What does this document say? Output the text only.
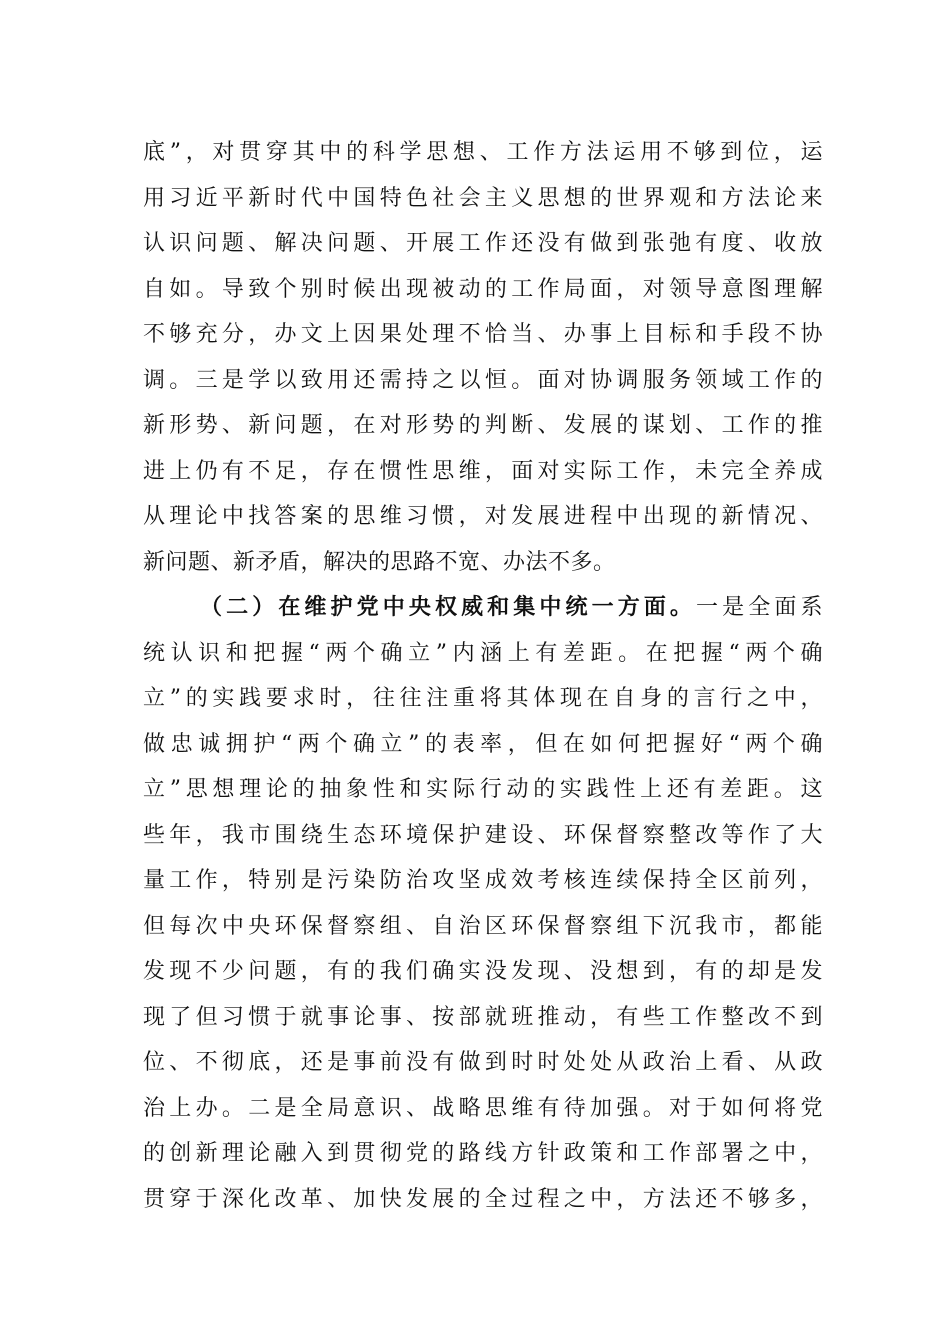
底”，对贯穿其中的科学思想、工作方法运用不够到位，运
用习近平新时代中国特色社会主义思想的世界观和方法论来
认识问题、解决问题、开展工作还没有做到张弛有度、收放
自如。导致个别时候出现被动的工作局面，对领导意图理解
不够充分，办文上因果处理不恰当、办事上目标和手段不协
调。三是学以致用还需持之以恒。面对协调服务领域工作的
新形势、新问题，在对形势的判断、发展的谋划、工作的推
进上仍有不足，存在惯性思维，面对实际工作，未完全养成
从理论中找答案的思维习惯，对发展进程中出现的新情况、
新问题、新矛盾，解决的思路不宽、办法不多。
（二）在维护党中央权威和集中统一方面。一是全面系
统认识和把握“两个确立”内涵上有差距。在把握“两个确
立”的实践要求时，往往注重将其体现在自身的言行之中，
做忠诚拥护“两个确立”的表率，但在如何把握好“两个确
立”思想理论的抽象性和实际行动的实践性上还有差距。这
些年，我市围绕生态环境保护建设、环保督察整改等作了大
量工作，特别是污染防治攻坚成效考核连续保持全区前列，
但每次中央环保督察组、自治区环保督察组下沉我市，都能
发现不少问题，有的我们确实没发现、没想到，有的却是发
现了但习惯于就事论事、按部就班推动，有些工作整改不到
位、不彻底，还是事前没有做到时时处处从政治上看、从政
治上办。二是全局意识、战略思维有待加强。对于如何将党
的创新理论融入到贯彻党的路线方针政策和工作部署之中，
贯穿于深化改革、加快发展的全过程之中，方法还不够多，
